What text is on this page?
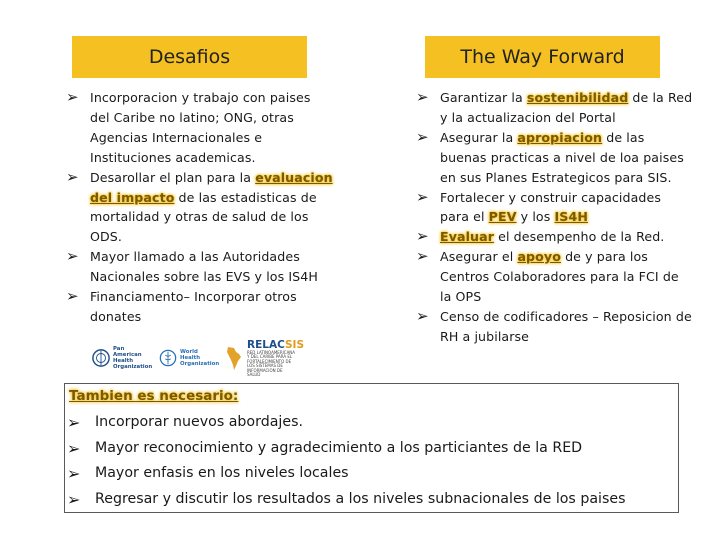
Desafios	The Way Forward
➢ Incorporacion y trabajo con paises del Caribe no latino; ONG, otras Agencias Internacionales e Instituciones academicas.
➢ Desarollar el plan para la evaluacion del impacto de las estadisticas de mortalidad y otras de salud de los ODS.
➢ Mayor llamado a las Autoridades Nacionales sobre las EVS y los IS4H
➢ Financiamento– Incorporar otros donates
➢ Garantizar la sostenibilidad de la Red y la actualizacion del Portal
➢ Asegurar la apropiacion de las buenas practicas a nivel de loa paises en sus Planes Estrategicos para SIS.
➢ Fortalecer y construir capacidades para el PEV y los IS4H
➢ Evaluar el desempenho de la Red.
➢ Asegurar el apoyo de y para los Centros Colaboradores para la FCI de la OPS
➢ Censo de codificadores – Reposicion de RH a jubilarse
Pan American Health Organization
World Health Organization
RELACSIS
RED LATINOAMERICANA Y DEL CARIBE PARA EL FORTALECIMIENTO DE LOS SISTEMAS DE INFORMACION DE SALUD
Tambien es necesario:
➢ Incorporar nuevos abordajes.
➢ Mayor reconocimiento y agradecimiento a los particiantes de la RED
➢ Mayor enfasis en los niveles locales
➢ Regresar y discutir los resultados a los niveles subnacionales de los paises
